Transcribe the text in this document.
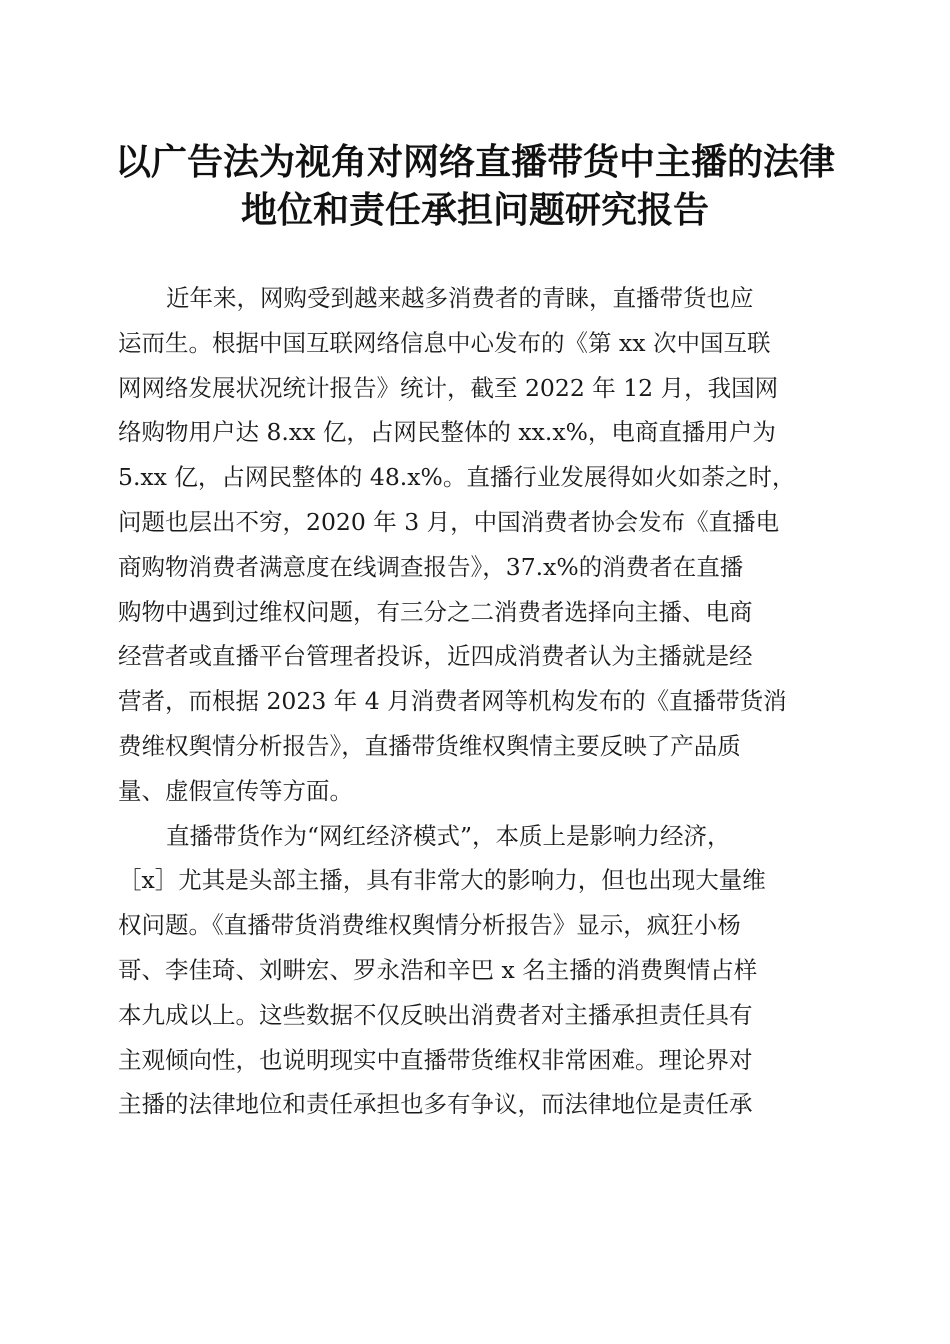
以广告法为视角对网络直播带货中主播的法律
地位和责任承担问题研究报告

近年来，网购受到越来越多消费者的青睐，直播带货也应
运而生。根据中国互联网络信息中心发布的《第 xx 次中国互联
网网络发展状况统计报告》统计，截至 2022 年 12 月，我国网
络购物用户达 8.xx 亿，占网民整体的 xx.x%，电商直播用户为
5.xx 亿，占网民整体的 48.x%。直播行业发展得如火如荼之时，
问题也层出不穷，2020 年 3 月，中国消费者协会发布《直播电
商购物消费者满意度在线调查报告》，37.x%的消费者在直播
购物中遇到过维权问题，有三分之二消费者选择向主播、电商
经营者或直播平台管理者投诉，近四成消费者认为主播就是经
营者，而根据 2023 年 4 月消费者网等机构发布的《直播带货消
费维权舆情分析报告》，直播带货维权舆情主要反映了产品质
量、虚假宣传等方面。

直播带货作为“网红经济模式”，本质上是影响力经济，
［x］尤其是头部主播，具有非常大的影响力，但也出现大量维
权问题。《直播带货消费维权舆情分析报告》显示，疯狂小杨
哥、李佳琦、刘畊宏、罗永浩和辛巴 x 名主播的消费舆情占样
本九成以上。这些数据不仅反映出消费者对主播承担责任具有
主观倾向性，也说明现实中直播带货维权非常困难。理论界对
主播的法律地位和责任承担也多有争议，而法律地位是责任承
